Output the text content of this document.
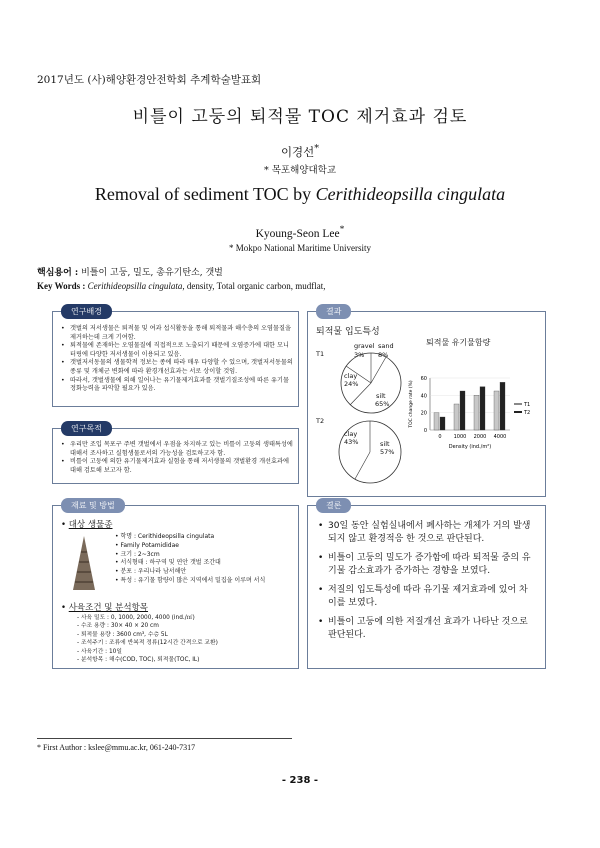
2017년도 (사)해양환경안전학회 추계학술발표회
비틀이 고둥의 퇴적물 TOC 제거효과 검토
이경선*
* 목포해양대학교
Removal of sediment TOC by Cerithideopsilla cingulata
Kyoung-Seon Lee*
* Mokpo National Maritime University
핵심용어 : 비틀이 고둥, 밀도, 총유기탄소, 갯벌
Key Words : Cerithideopsilla cingulata, density, Total organic carbon, mudflat,
연구배경
• 갯벌의 저서생물은 퇴적물 및 여과 섭식활동을 통해 퇴적물과 해수층의 오염물질을 제거하는데 크게 기여함.
• 퇴적물에 존재하는 오염물질에 직접적으로 노출되기 때문에 오염증가에 대한 모니터링에 다양한 저서생물이 이용되고 있음.
• 갯벌저서동물의 생물학적 정보는 종에 따라 매우 다양할 수 있으며, 갯벌저서동물의 종류 및 개체군 변화에 따라 환경개선효과는 서로 상이할 것임.
• 따라서, 갯벌생물에 의해 일어나는 유기물제거효과를 갯벌기질조성에 따른 유기물정화능력을 파악할 필요가 있음.
연구목적
• 우리만 조입 목포구 주변 갯벌에서 우점을 차지하고 있는 비틀이 고둥의 생태특성에 대해서 조사하고 실험생물로서의 가능성을 검토하고자 함.
• 비틀이 고둥에 의한 유기물제거효과 실험을 통해 저서생물의 갯벌환경 개선효과에 대해 검토해 보고자 함.
결과
퇴적물 입도특성
퇴적물 유기물함량
T1
T2
gravel sand
3% 8%
clay
24%
silt
65%
clay
43%	silt
57%
0
20
40
60
0 1000 2000 4000
Density (ind./m²)
TOC change rate (%)	T1
T2
재료 및 방법
• 대상 생물종
• 학명 : Cerithideopsilla cingulata
• Family Potamididae
• 크기 : 2~3cm
• 서식형태 : 하구역 및 연안 갯벌 조간대
• 분포 : 우리나라 남서해안
• 특성 : 유기물 함량이 많은 지역에서 밀집을 이루며 서식
• 사육조건 및 분석항목
- 사육 밀도 : 0, 1000, 2000, 4000 (ind./㎡)
- 수조 용량 : 30× 40 × 20 cm
- 퇴적물 용량 : 3600 cm³, 수층 5L
- 조석주기 : 조류에 반복적 정류(12시간 간격으로 교환)
- 사육기간 : 10일
- 분석항목 : 해수(COD, TOC), 퇴적물(TOC, IL)
결론
• 30일 동안 실험실내에서 폐사하는 개체가 거의 발생되지 않고 환경적응 한 것으로 판단된다.
• 비틀이 고둥의 밀도가 증가함에 따라 퇴적물 중의 유기물 감소효과가 증가하는 경향을 보였다.
• 저질의 입도특성에 따라 유기물 제거효과에 있어 차이를 보였다.
• 비틀이 고둥에 의한 저질개선 효과가 나타난 것으로 판단된다.
* First Author : kslee@mmu.ac.kr, 061-240-7317
- 238 -
